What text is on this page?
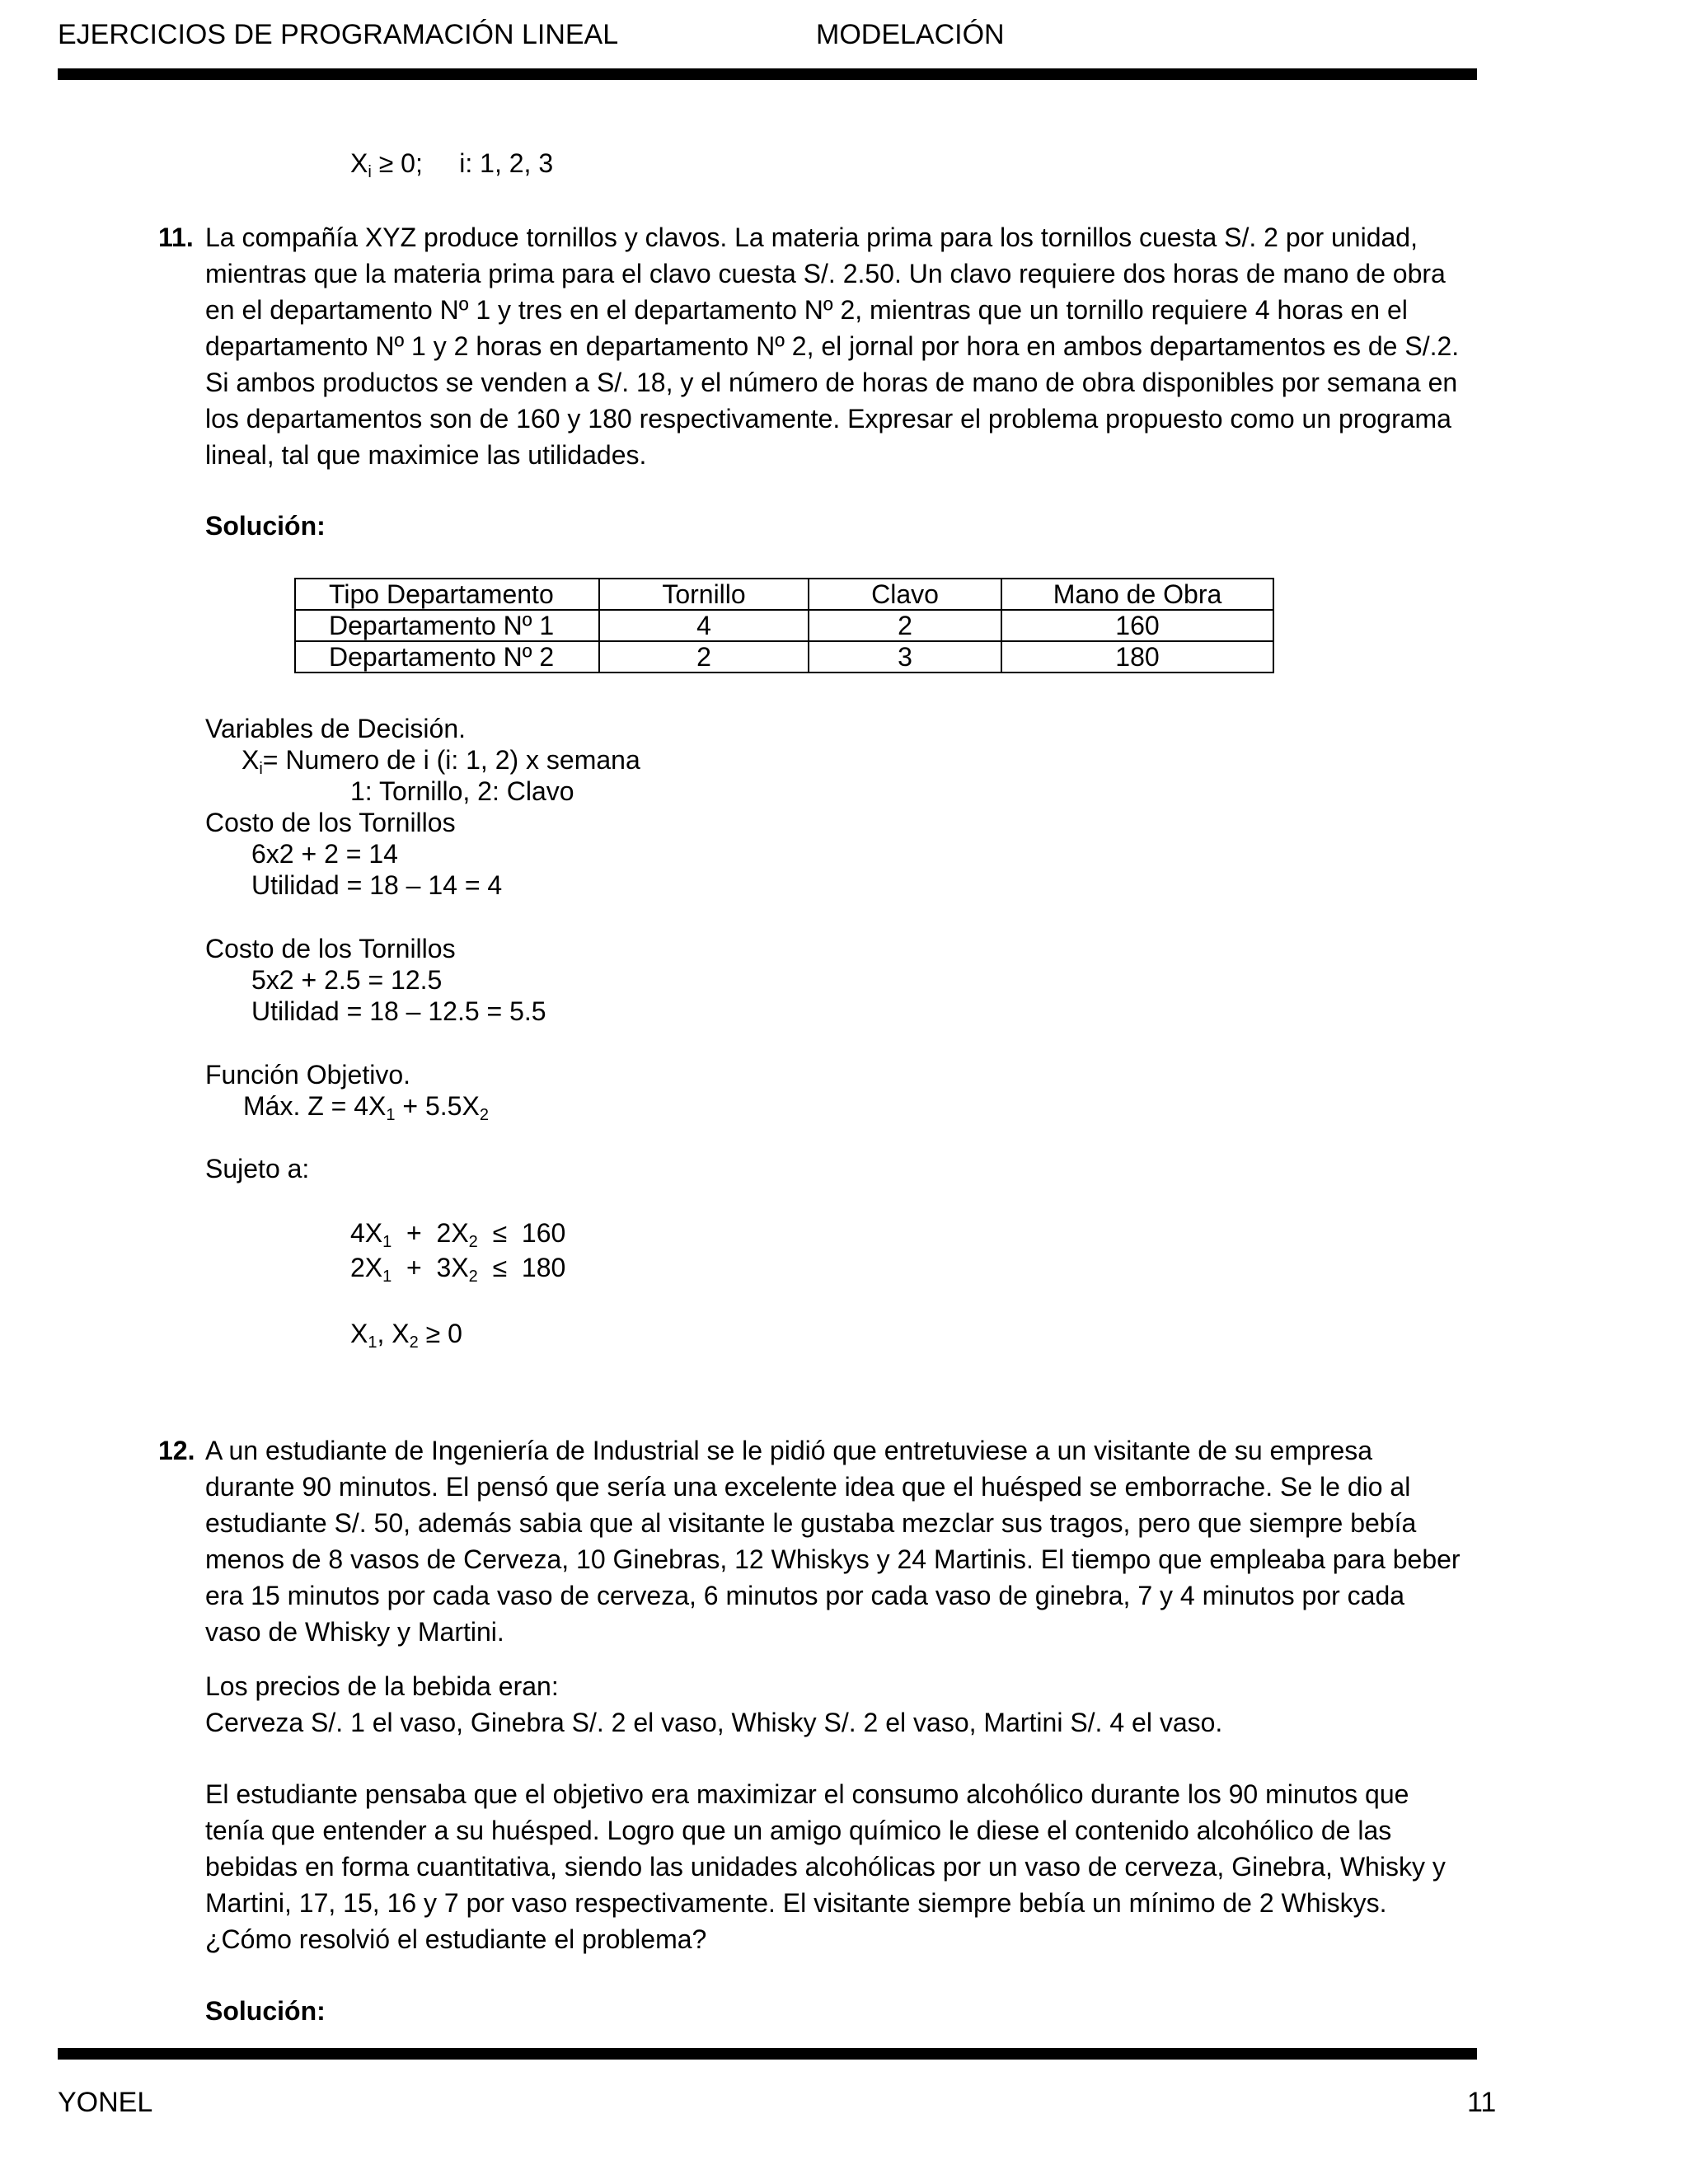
EJERCICIOS DE PROGRAMACIÓN LINEAL	MODELACIÓN
$X_i \ge 0$;     i: 1, 2, 3
11. La compañía XYZ produce tornillos y clavos. La materia prima para los tornillos cuesta S/. 2 por unidad,
mientras que la materia prima para el clavo cuesta S/. 2.50. Un clavo requiere dos horas de mano de obra
en el departamento Nº 1 y tres en el departamento Nº 2, mientras que un tornillo requiere 4 horas en el
departamento Nº 1 y 2 horas en departamento Nº 2, el jornal por hora en ambos departamentos es de S/.2.
Si ambos productos se venden a S/. 18, y el número de horas de mano de obra disponibles por semana en
los departamentos son de 160 y 180 respectivamente. Expresar el problema propuesto como un programa
lineal, tal que maximice las utilidades.
Solución:
Tipo Departamento	Tornillo	Clavo	Mano de Obra
Departamento Nº 1	4	2	160
Departamento Nº 2	2	3	180
Variables de Decisión.
$X_i=$ Numero de i (i: 1, 2) x semana
1: Tornillo, 2: Clavo
Costo de los Tornillos
6x2 + 2 = 14
Utilidad = 18 – 14 = 4
Costo de los Tornillos
5x2 + 2.5 = 12.5
Utilidad = 18 – 12.5 = 5.5
Función Objetivo.
Máx. $Z = 4X_1 + 5.5X_2$
Sujeto a:
$4X_1 + 2X_2 \le 160$
$2X_1 + 3X_2 \le 180$
$X_1$, $X_2 \ge 0$
12. A un estudiante de Ingeniería de Industrial se le pidió que entretuviese a un visitante de su empresa
durante 90 minutos. El pensó que sería una excelente idea que el huésped se emborrache. Se le dio al
estudiante S/. 50, además sabia que al visitante le gustaba mezclar sus tragos, pero que siempre bebía
menos de 8 vasos de Cerveza, 10 Ginebras, 12 Whiskys y 24 Martinis. El tiempo que empleaba para beber
era 15 minutos por cada vaso de cerveza, 6 minutos por cada vaso de ginebra, 7 y 4 minutos por cada
vaso de Whisky y Martini.
Los precios de la bebida eran:
Cerveza S/. 1 el vaso, Ginebra S/. 2 el vaso, Whisky S/. 2 el vaso, Martini S/. 4 el vaso.
El estudiante pensaba que el objetivo era maximizar el consumo alcohólico durante los 90 minutos que
tenía que entender a su huésped. Logro que un amigo químico le diese el contenido alcohólico de las
bebidas en forma cuantitativa, siendo las unidades alcohólicas por un vaso de cerveza, Ginebra, Whisky y
Martini, 17, 15, 16 y 7 por vaso respectivamente. El visitante siempre bebía un mínimo de 2 Whiskys.
¿Cómo resolvió el estudiante el problema?
Solución:
YONEL	11
